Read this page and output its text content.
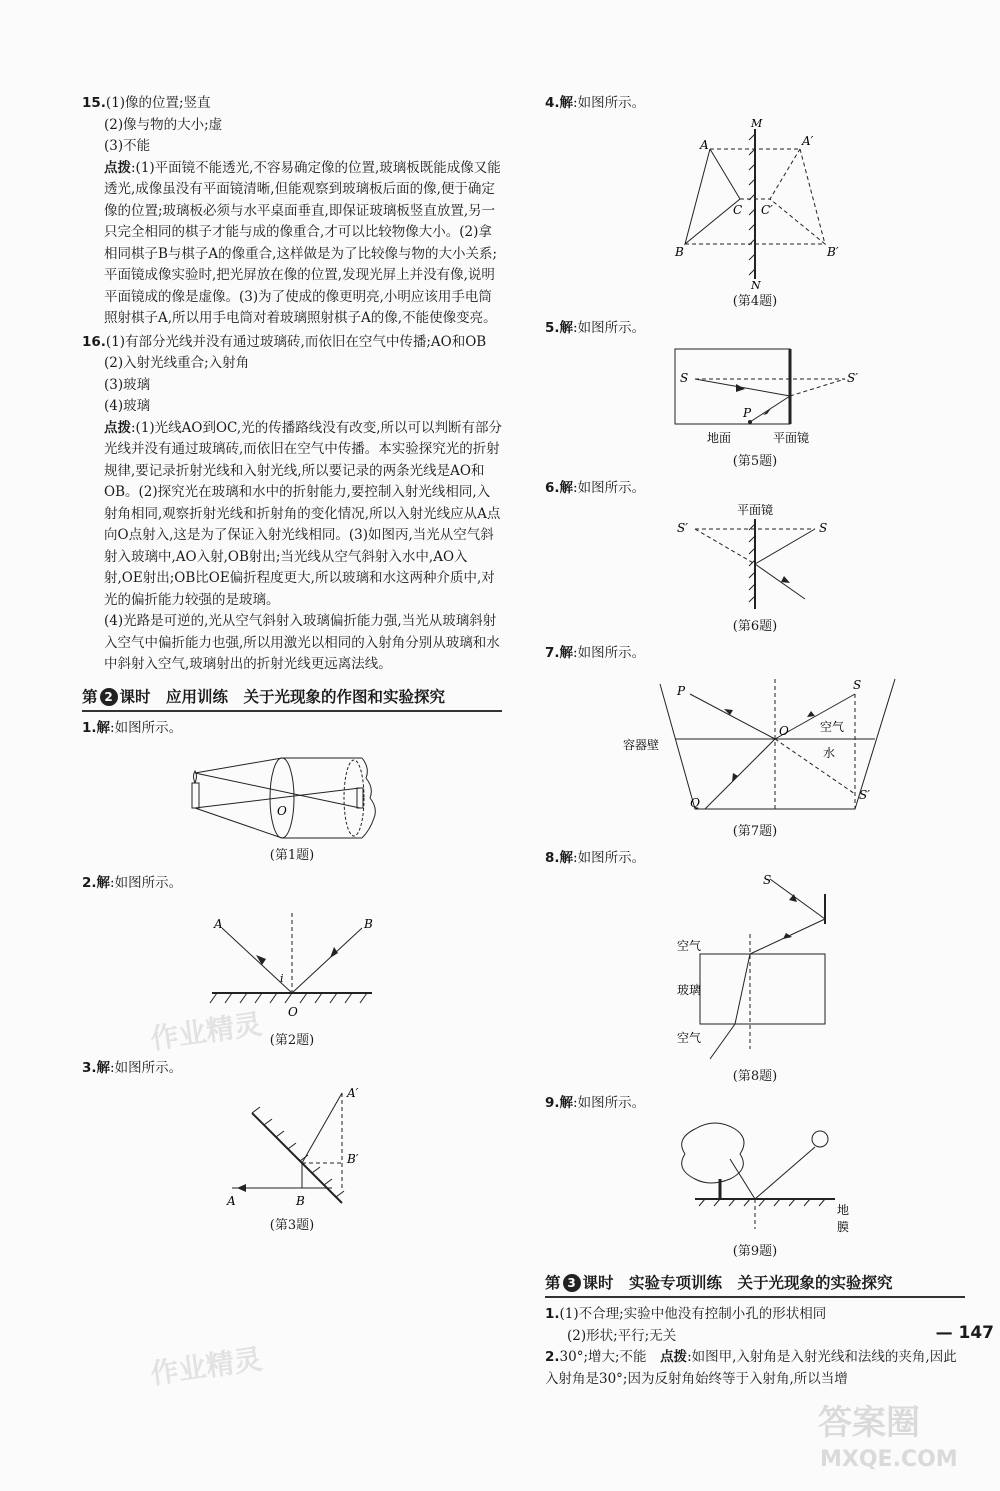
15.(1)像的位置;竖直

(2)像与物的大小;虚

(3)不能

点拨:(1)平面镜不能透光,不容易确定像的位置,玻璃板既能成像又能透光,成像虽没有平面镜清晰,但能观察到玻璃板后面的像,便于确定像的位置;玻璃板必须与水平桌面垂直,即保证玻璃板竖直放置,另一只完全相同的棋子才能与成的像重合,才可以比较物像大小。(2)拿相同棋子B与棋子A的像重合,这样做是为了比较像与物的大小关系;平面镜成像实验时,把光屏放在像的位置,发现光屏上并没有像,说明平面镜成的像是虚像。(3)为了使成的像更明亮,小明应该用手电筒照射棋子A,所以用手电筒对着玻璃照射棋子A的像,不能使像变亮。

16.(1)有部分光线并没有通过玻璃砖,而依旧在空气中传播;AO和OB

(2)入射光线重合;入射角

(3)玻璃

(4)玻璃

点拨:(1)光线AO到OC,光的传播路线没有改变,所以可以判断有部分光线并没有通过玻璃砖,而依旧在空气中传播。本实验探究光的折射规律,要记录折射光线和入射光线,所以要记录的两条光线是AO和OB。(2)探究光在玻璃和水中的折射能力,要控制入射光线相同,入射角相同,观察折射光线和折射角的变化情况,所以入射光线应从A点向O点射入,这是为了保证入射光线相同。(3)如图丙,当光从空气斜射入玻璃中,AO入射,OB射出;当光线从空气斜射入水中,AO入射,OE射出;OB比OE偏折程度更大,所以玻璃和水这两种介质中,对光的偏折能力较强的是玻璃。

(4)光路是可逆的,光从空气斜射入玻璃偏折能力强,当光从玻璃斜射入空气中偏折能力也强,所以用激光以相同的入射角分别从玻璃和水中斜射入空气,玻璃射出的折射光线更远离法线。

第 2 课时 应用训练　关于光现象的作图和实验探究

1.解:如图所示。

O
(第1题)

2.解:如图所示。

A	B
O
i
(第2题)

3.解:如图所示。

A	B
A′
B′
(第3题)

4.解:如图所示。

M
N
A	A′
B	B′
C C′
(第4题)

5.解:如图所示。

S	S′
P
地面	平面镜
(第5题)

6.解:如图所示。

平面镜
S′	S
(第6题)

7.解:如图所示。

P	S
O	空气
水
容器壁
Q
S′
(第7题)

8.解:如图所示。

S
空气
玻璃
空气
(第8题)

9.解:如图所示。

地
膜
(第9题)
第 3 课时 实验专项训练　关于光现象的实验探究

1.(1)不合理;实验中他没有控制小孔的形状相同

(2)形状;平行;无关

2.30°;增大;不能　 点拨:如图甲,入射角是入射光线和法线的夹角,因此入射角是30°;因为反射角始终等于入射角,所以当增

— 147
作业精灵
作业精灵
答案圈
MXQE.COM
